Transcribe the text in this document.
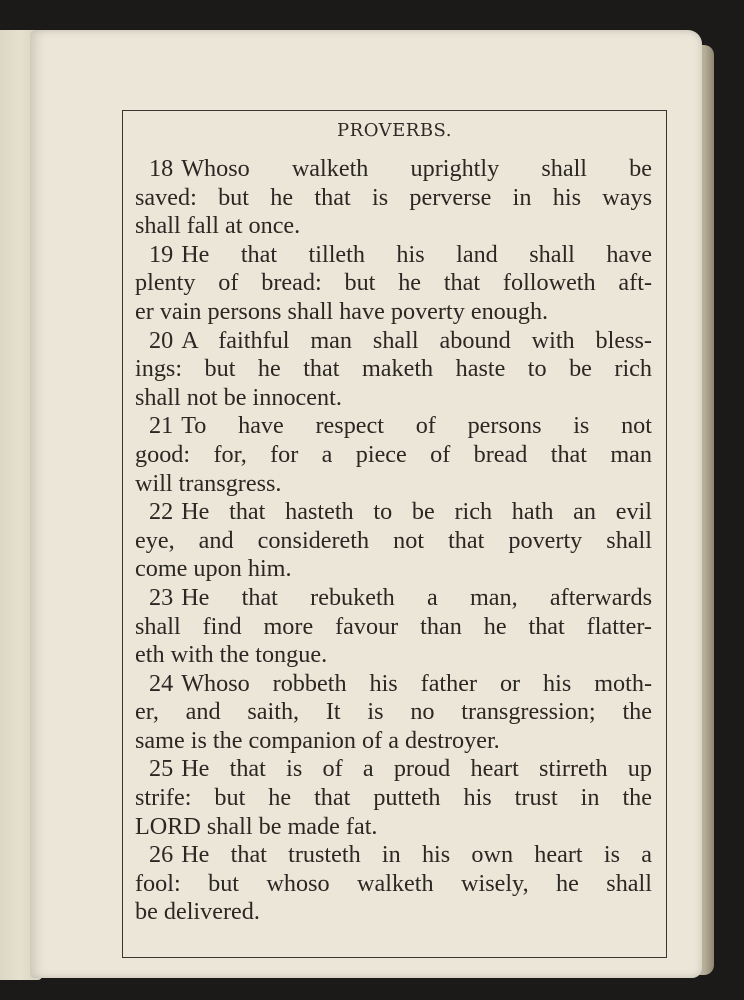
PROVERBS.
18 Whoso walketh uprightly shall be
saved: but he that is perverse in his ways
shall fall at once.
19 He that tilleth his land shall have
plenty of bread: but he that followeth aft-
er vain persons shall have poverty enough.
20 A faithful man shall abound with bless-
ings: but he that maketh haste to be rich
shall not be innocent.
21 To have respect of persons is not
good: for, for a piece of bread that man
will transgress.
22 He that hasteth to be rich hath an evil
eye, and considereth not that poverty shall
come upon him.
23 He that rebuketh a man, afterwards
shall find more favour than he that flatter-
eth with the tongue.
24 Whoso robbeth his father or his moth-
er, and saith, It is no transgression; the
same is the companion of a destroyer.
25 He that is of a proud heart stirreth up
strife: but he that putteth his trust in the
LORD shall be made fat.
26 He that trusteth in his own heart is a
fool: but whoso walketh wisely, he shall
be delivered.
